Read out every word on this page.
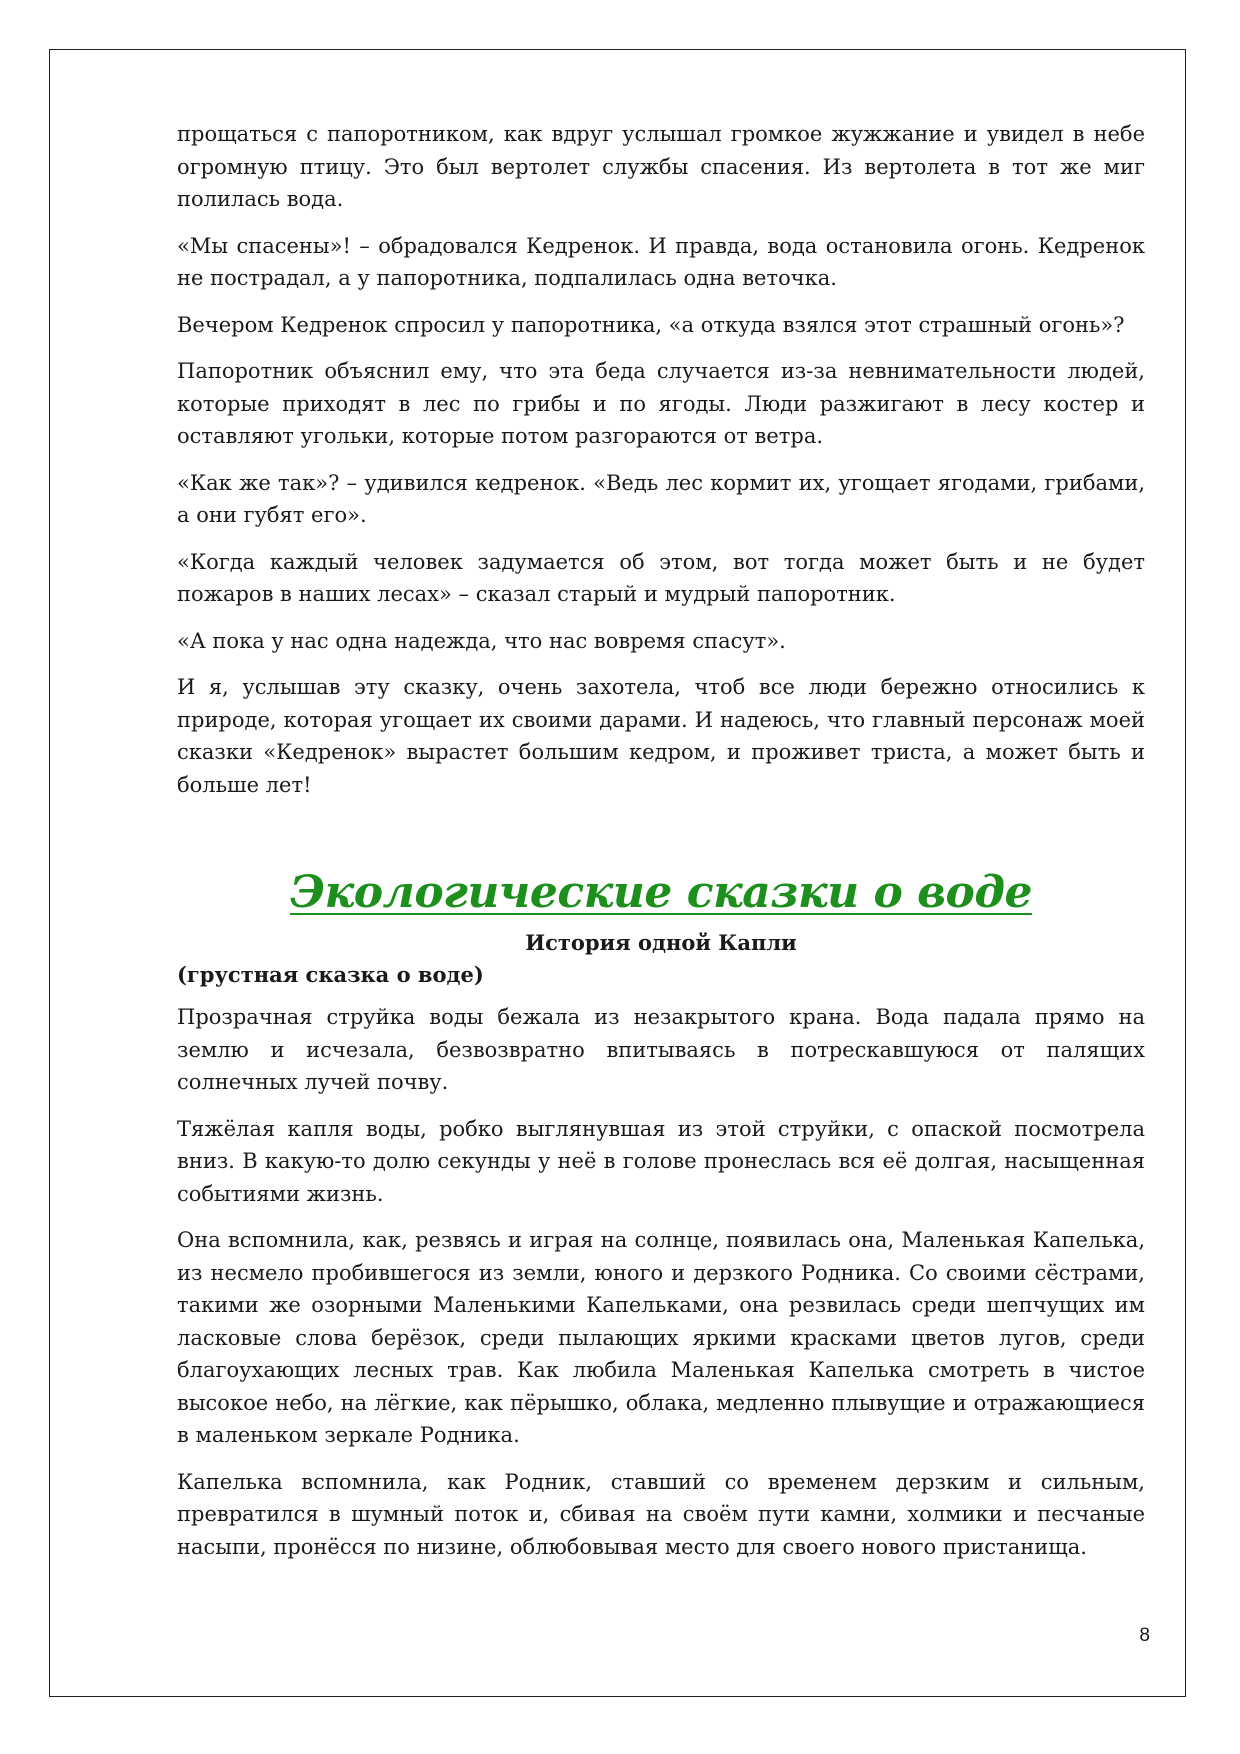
прощаться с папоротником, как вдруг услышал громкое жужжание и увидел в небе огромную птицу. Это был вертолет службы спасения. Из вертолета в тот же миг полилась вода.

«Мы спасены»! – обрадовался Кедренок. И правда, вода остановила огонь. Кедренок не пострадал, а у папоротника, подпалилась одна веточка.

Вечером Кедренок спросил у папоротника, «а откуда взялся этот страшный огонь»?

Папоротник объяснил ему, что эта беда случается из-за невнимательности людей, которые приходят в лес по грибы и по ягоды. Люди разжигают в лесу костер и оставляют угольки, которые потом разгораются от ветра.

«Как же так»? – удивился кедренок. «Ведь лес кормит их, угощает ягодами, грибами, а они губят его».

«Когда каждый человек задумается об этом, вот тогда может быть и не будет пожаров в наших лесах» – сказал старый и мудрый папоротник.

«А пока у нас одна надежда, что нас вовремя спасут».

И я, услышав эту сказку, очень захотела, чтоб все люди бережно относились к природе, которая угощает их своими дарами. И надеюсь, что главный персонаж моей сказки «Кедренок» вырастет большим кедром, и проживет триста, а может быть и больше лет!

Экологические сказки о воде
История одной Капли
(грустная сказка о воде)

Прозрачная струйка воды бежала из незакрытого крана. Вода падала прямо на землю и исчезала, безвозвратно впитываясь в потрескавшуюся от палящих солнечных лучей почву.

Тяжёлая капля воды, робко выглянувшая из этой струйки, с опаской посмотрела вниз. В какую-то долю секунды у неё в голове пронеслась вся её долгая, насыщенная событиями жизнь.

Она вспомнила, как, резвясь и играя на солнце, появилась она, Маленькая Капелька, из несмело пробившегося из земли, юного и дерзкого Родника. Со своими сёстрами, такими же озорными Маленькими Капельками, она резвилась среди шепчущих им ласковые слова берёзок, среди пылающих яркими красками цветов лугов, среди благоухающих лесных трав. Как любила Маленькая Капелька смотреть в чистое высокое небо, на лёгкие, как пёрышко, облака, медленно плывущие и отражающиеся в маленьком зеркале Родника.

Капелька вспомнила, как Родник, ставший со временем дерзким и сильным, превратился в шумный поток и, сбивая на своём пути камни, холмики и песчаные насыпи, пронёсся по низине, облюбовывая место для своего нового пристанища.

8
